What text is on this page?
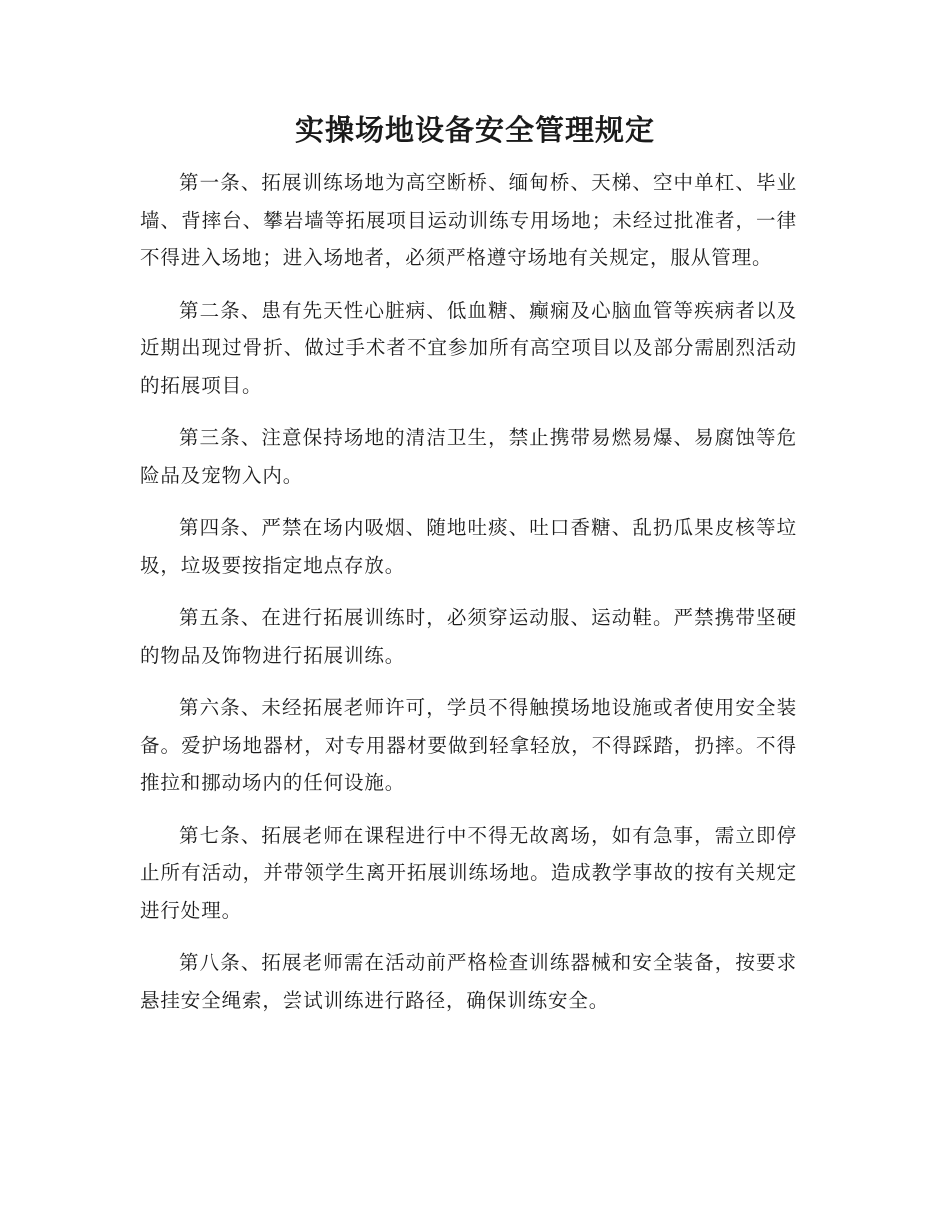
实操场地设备安全管理规定

第一条、拓展训练场地为高空断桥、缅甸桥、天梯、空中单杠、毕业墙、背摔台、攀岩墙等拓展项目运动训练专用场地；未经过批准者，一律不得进入场地；进入场地者，必须严格遵守场地有关规定，服从管理。

第二条、患有先天性心脏病、低血糖、癫痫及心脑血管等疾病者以及近期出现过骨折、做过手术者不宜参加所有高空项目以及部分需剧烈活动的拓展项目。

第三条、注意保持场地的清洁卫生，禁止携带易燃易爆、易腐蚀等危险品及宠物入内。

第四条、严禁在场内吸烟、随地吐痰、吐口香糖、乱扔瓜果皮核等垃圾，垃圾要按指定地点存放。

第五条、在进行拓展训练时，必须穿运动服、运动鞋。严禁携带坚硬的物品及饰物进行拓展训练。

第六条、未经拓展老师许可，学员不得触摸场地设施或者使用安全装备。爱护场地器材，对专用器材要做到轻拿轻放，不得踩踏，扔摔。不得推拉和挪动场内的任何设施。

第七条、拓展老师在课程进行中不得无故离场，如有急事，需立即停止所有活动，并带领学生离开拓展训练场地。造成教学事故的按有关规定进行处理。

第八条、拓展老师需在活动前严格检查训练器械和安全装备，按要求悬挂安全绳索，尝试训练进行路径，确保训练安全。
